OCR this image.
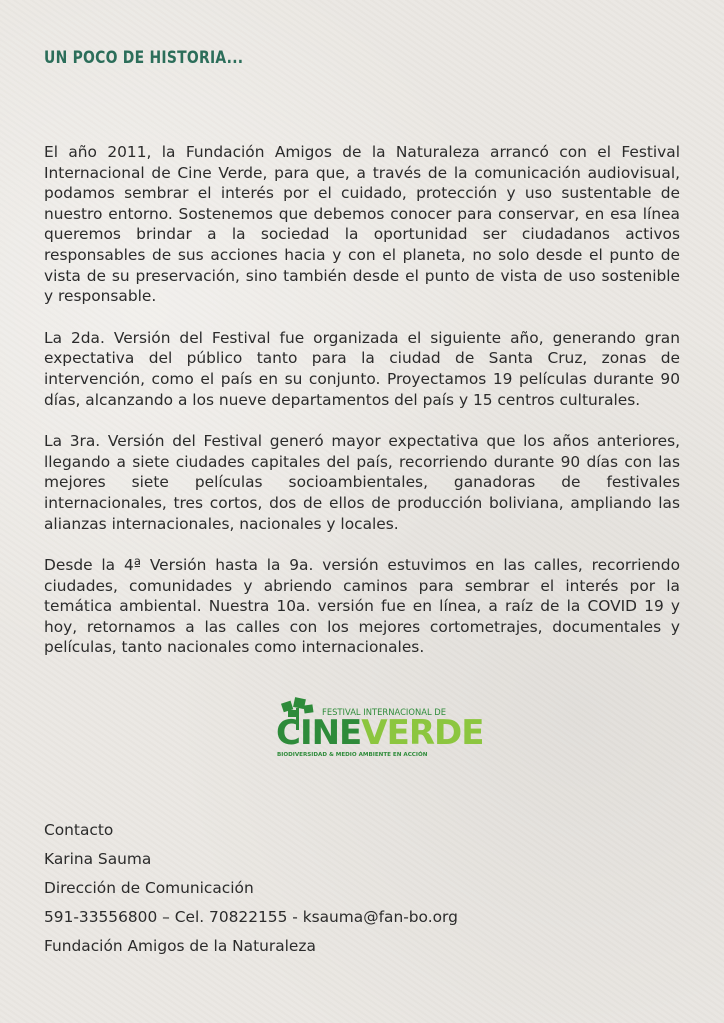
UN POCO DE HISTORIA...

El año 2011, la Fundación Amigos de la Naturaleza arrancó con el Festival Internacional de Cine Verde, para que, a través de la comunicación audiovisual, podamos sembrar el interés por el cuidado, protección y uso sustentable de nuestro entorno. Sostenemos que debemos conocer para conservar, en esa línea queremos brindar a la sociedad la oportunidad ser ciudadanos activos responsables de sus acciones hacia y con el planeta, no solo desde el punto de vista de su preservación, sino también desde el punto de vista de uso sostenible y responsable.

La 2da. Versión del Festival fue organizada el siguiente año, generando gran expectativa del público tanto para la ciudad de Santa Cruz, zonas de intervención, como el país en su conjunto. Proyectamos 19 películas durante 90 días, alcanzando a los nueve departamentos del país y 15 centros culturales.

La 3ra. Versión del Festival generó mayor expectativa que los años anteriores, llegando a siete ciudades capitales del país, recorriendo durante 90 días con las mejores siete películas socioambientales, ganadoras de festivales internacionales, tres cortos, dos de ellos de producción boliviana, ampliando las alianzas internacionales, nacionales y locales.

Desde la 4ª Versión hasta la 9a. versión estuvimos en las calles, recorriendo ciudades, comunidades y abriendo caminos para sembrar el interés por la temática ambiental. Nuestra 10a. versión fue en línea, a raíz de la COVID 19 y hoy, retornamos a las calles con los mejores cortometrajes, documentales y películas, tanto nacionales como internacionales.

FESTIVAL INTERNACIONAL DE
CINEVERDE
BIODIVERSIDAD & MEDIO AMBIENTE EN ACCIÓN
Contacto
Karina Sauma
Dirección de Comunicación
591-33556800 – Cel. 70822155 - ksauma@fan-bo.org
Fundación Amigos de la Naturaleza
